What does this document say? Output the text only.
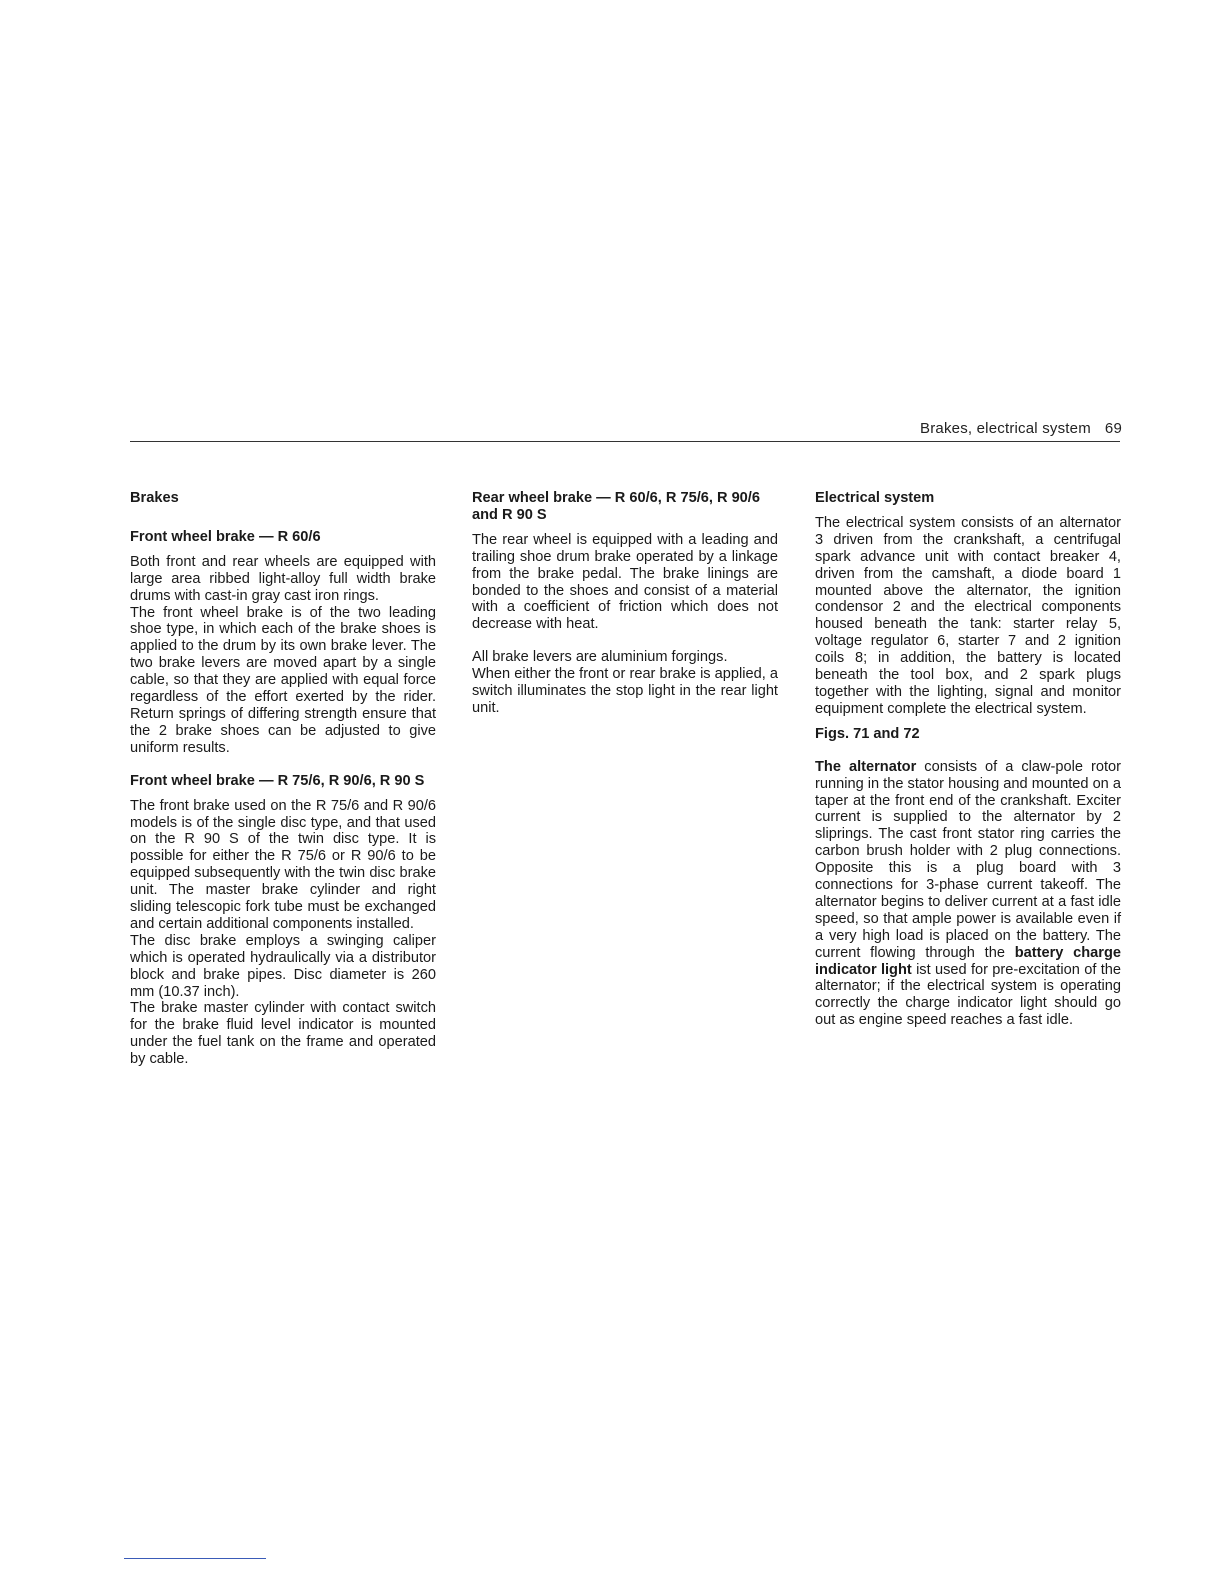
Brakes, electrical system 69
Brakes
Front wheel brake — R 60/6

Both front and rear wheels are equipped with large area ribbed light-alloy full width brake drums with cast-in gray cast iron rings.

The front wheel brake is of the two leading shoe type, in which each of the brake shoes is applied to the drum by its own brake lever. The two brake levers are moved apart by a single cable, so that they are applied with equal force regardless of the effort exerted by the rider. Return springs of differing strength ensure that the 2 brake shoes can be adjusted to give uniform results.

Front wheel brake — R 75/6, R 90/6, R 90 S

The front brake used on the R 75/6 and R 90/6 models is of the single disc type, and that used on the R 90 S of the twin disc type. It is possible for either the R 75/6 or R 90/6 to be equipped subsequently with the twin disc brake unit. The master brake cylinder and right sliding telescopic fork tube must be exchanged and certain additional components installed.

The disc brake employs a swinging caliper which is operated hydraulically via a distributor block and brake pipes. Disc diameter is 260 mm (10.37 inch).

The brake master cylinder with contact switch for the brake fluid level indicator is mounted under the fuel tank on the frame and operated by cable.

Rear wheel brake — R 60/6, R 75/6, R 90/6 and R 90 S

The rear wheel is equipped with a leading and trailing shoe drum brake operated by a linkage from the brake pedal. The brake linings are bonded to the shoes and consist of a material with a coefficient of friction which does not decrease with heat.

All brake levers are aluminium forgings.

When either the front or rear brake is applied, a switch illuminates the stop light in the rear light unit.

Electrical system

The electrical system consists of an alternator 3 driven from the crankshaft, a centrifugal spark advance unit with contact breaker 4, driven from the camshaft, a diode board 1 mounted above the alternator, the ignition condensor 2 and the electrical components housed beneath the tank: starter relay 5, voltage regulator 6, starter 7 and 2 ignition coils 8; in addition, the battery is located beneath the tool box, and 2 spark plugs together with the lighting, signal and monitor equipment complete the electrical system.

Figs. 71 and 72

The alternator consists of a claw-pole rotor running in the stator housing and mounted on a taper at the front end of the crankshaft. Exciter current is supplied to the alternator by 2 sliprings. The cast front stator ring carries the carbon brush holder with 2 plug connections. Opposite this is a plug board with 3 connections for 3-phase current takeoff. The alternator begins to deliver current at a fast idle speed, so that ample power is available even if a very high load is placed on the battery. The current flowing through the battery charge indicator light ist used for pre-excitation of the alternator; if the electrical system is operating correctly the charge indicator light should go out as engine speed reaches a fast idle.
